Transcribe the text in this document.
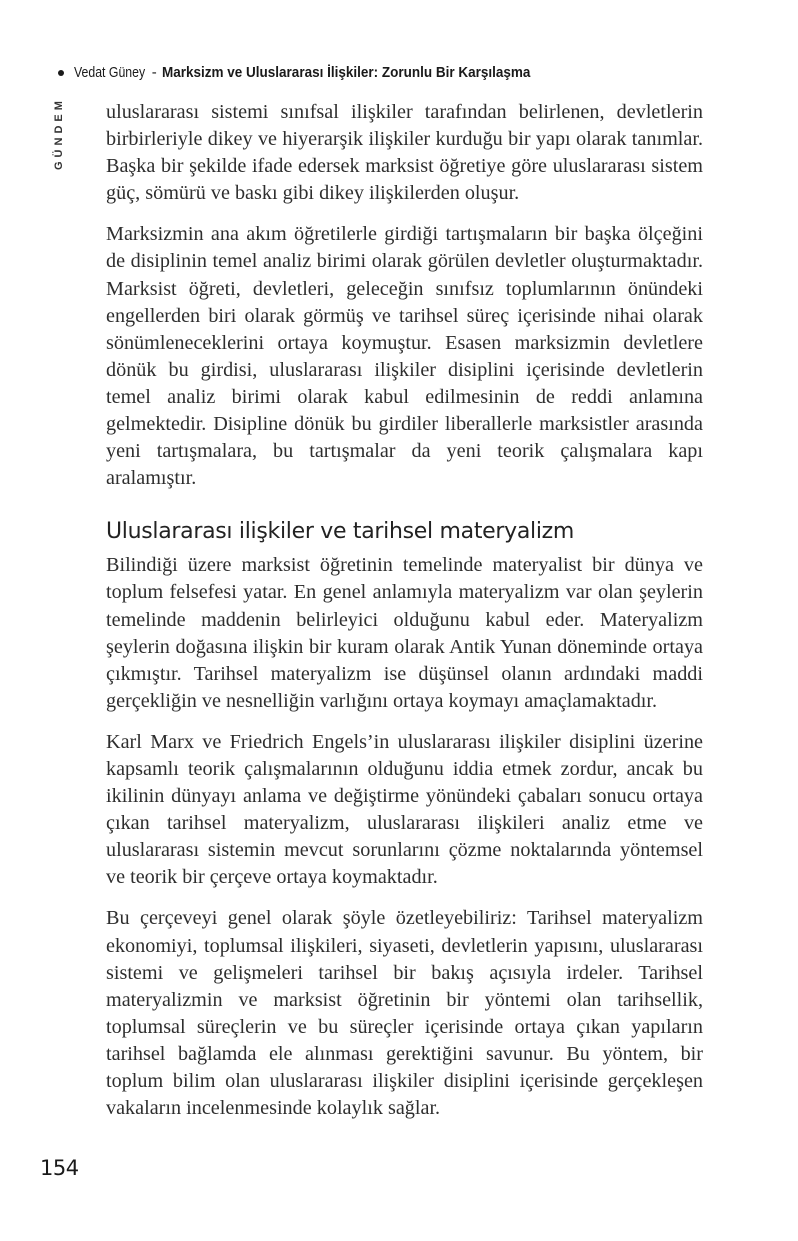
Vedat Güney - Marksizm ve Uluslararası İlişkiler: Zorunlu Bir Karşılaşma
GÜNDEM uluslararası sistemi sınıfsal ilişkiler tarafından belirlenen, devletlerin birbirleriyle dikey ve hiyerarşik ilişkiler kurduğu bir yapı olarak tanımlar. Başka bir şekilde ifade edersek marksist öğretiye göre uluslararası sistem güç, sömürü ve baskı gibi dikey ilişkilerden oluşur.

Marksizmin ana akım öğretilerle girdiği tartışmaların bir başka ölçeğini de disiplinin temel analiz birimi olarak görülen devletler oluşturmaktadır. Marksist öğreti, devletleri, geleceğin sınıfsız toplumlarının önündeki engellerden biri olarak görmüş ve tarihsel süreç içerisinde nihai olarak sönümleneceklerini ortaya koymuştur. Esasen marksizmin devletlere dönük bu girdisi, uluslararası ilişkiler disiplini içerisinde devletlerin temel analiz birimi olarak kabul edilmesinin de reddi anlamına gelmektedir. Disipline dönük bu girdiler liberallerle marksistler arasında yeni tartışmalara, bu tartışmalar da yeni teorik çalışmalara kapı aralamıştır.

Uluslararası ilişkiler ve tarihsel materyalizm

Bilindiği üzere marksist öğretinin temelinde materyalist bir dünya ve toplum felsefesi yatar. En genel anlamıyla materyalizm var olan şeylerin temelinde maddenin belirleyici olduğunu kabul eder. Materyalizm şeylerin doğasına ilişkin bir kuram olarak Antik Yunan döneminde ortaya çıkmıştır. Tarihsel materyalizm ise düşünsel olanın ardındaki maddi gerçekliğin ve nesnelliğin varlığını ortaya koymayı amaçlamaktadır.

Karl Marx ve Friedrich Engels’in uluslararası ilişkiler disiplini üzerine kapsamlı teorik çalışmalarının olduğunu iddia etmek zordur, ancak bu ikilinin dünyayı anlama ve değiştirme yönündeki çabaları sonucu ortaya çıkan tarihsel materyalizm, uluslararası ilişkileri analiz etme ve uluslararası sistemin mevcut sorunlarını çözme noktalarında yöntemsel ve teorik bir çerçeve ortaya koymaktadır.

Bu çerçeveyi genel olarak şöyle özetleyebiliriz: Tarihsel materyalizm ekonomiyi, toplumsal ilişkileri, siyaseti, devletlerin yapısını, uluslararası sistemi ve gelişmeleri tarihsel bir bakış açısıyla irdeler. Tarihsel materyalizmin ve marksist öğretinin bir yöntemi olan tarihsellik, toplumsal süreçlerin ve bu süreçler içerisinde ortaya çıkan yapıların tarihsel bağlamda ele alınması gerektiğini savunur. Bu yöntem, bir toplum bilim olan uluslararası ilişkiler disiplini içerisinde gerçekleşen vakaların incelenmesinde kolaylık sağlar.

154
